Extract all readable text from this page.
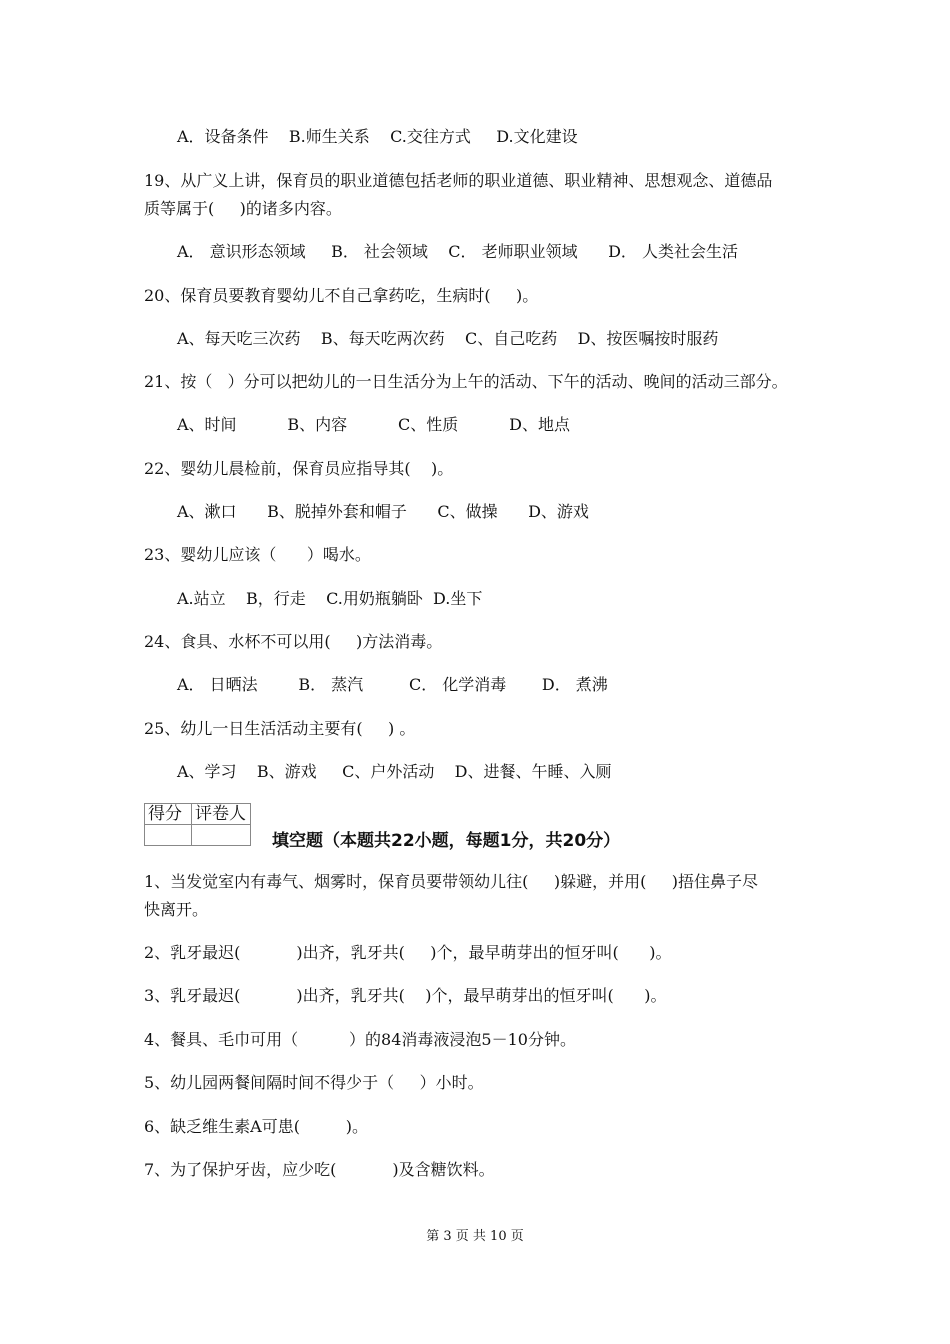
A．设备条件    B.师生关系    C.交往方式     D.文化建设
19、从广义上讲，保育员的职业道德包括老师的职业道德、职业精神、思想观念、道德品
质等属于(     )的诸多内容。
A． 意识形态领域     B． 社会领域    C． 老师职业领域      D． 人类社会生活
20、保育员要教育婴幼儿不自己拿药吃，生病时(     )。
A、每天吃三次药    B、每天吃两次药    C、自己吃药    D、按医嘱按时服药
21、按（   ）分可以把幼儿的一日生活分为上午的活动、下午的活动、晚间的活动三部分。
A、时间          B、内容          C、性质          D、地点
22、婴幼儿晨检前，保育员应指导其(    )。
A、漱口      B、脱掉外套和帽子      C、做操      D、游戏
23、婴幼儿应该（      ）喝水。
A.站立    B，行走    C.用奶瓶躺卧  D.坐下
24、食具、水杯不可以用(     )方法消毒。
A． 日晒法        B． 蒸汽         C． 化学消毒       D． 煮沸
25、幼儿一日生活活动主要有(     ) 。
A、学习    B、游戏     C、户外活动    D、进餐、午睡、入厕
得分	评卷人

填空题（本题共22小题，每题1分，共20分）
1、当发觉室内有毒气、烟雾时，保育员要带领幼儿往(     )躲避，并用(     )捂住鼻子尽
快离开。
2、乳牙最迟(           )出齐，乳牙共(     )个，最早萌芽出的恒牙叫(      )。
3、乳牙最迟(           )出齐，乳牙共(    )个，最早萌芽出的恒牙叫(      )。
4、餐具、毛巾可用（          ）的84消毒液浸泡5－10分钟。
5、幼儿园两餐间隔时间不得少于（     ）小时。
6、缺乏维生素A可患(         )。
7、为了保护牙齿，应少吃(           )及含糖饮料。
第 3 页 共 10 页
